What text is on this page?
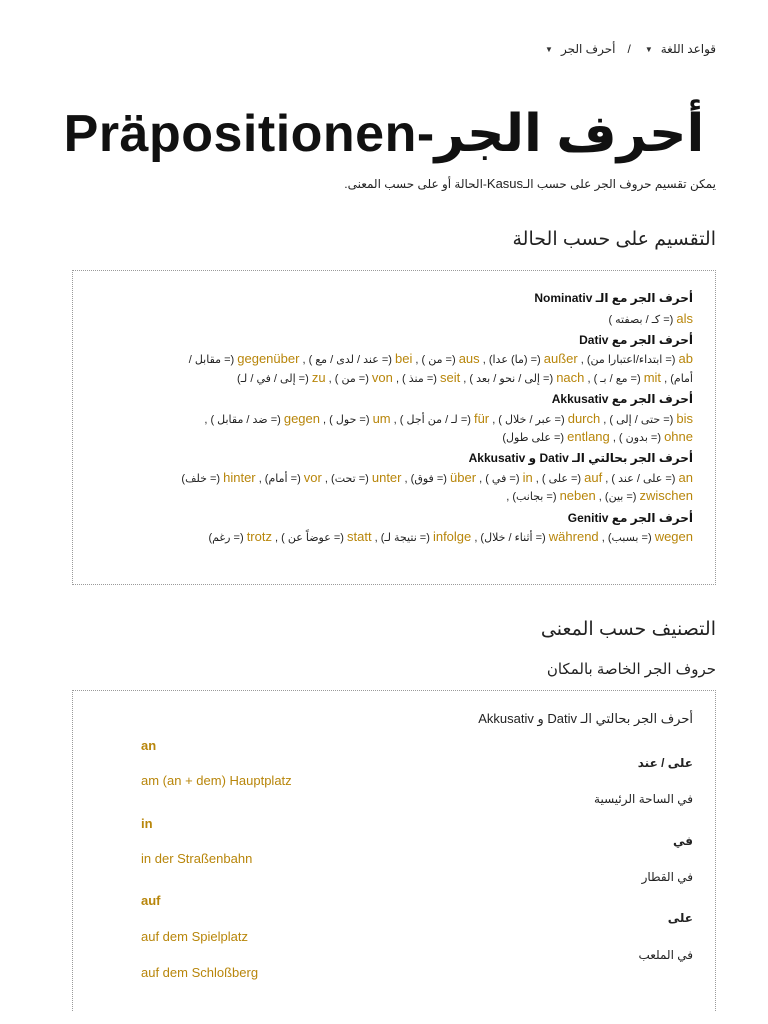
قواعد اللغة
▼
/
أحرف الجر
▼
Präpositionen-أحرف الجر
يمكن تقسيم حروف الجر على حسب الـKasus-الحالة أو على حسب المعنى.
التقسيم على حسب الحالة
أحرف الجر مع الـ Nominativ
als (= كـ / بصفته )
أحرف الجر مع Dativ
ab (= ابتداء/اعتبارا من) , außer (= (ما) عدا) , aus (= من ) , bei (= عند / لدى / مع ) , gegenüber (= مقابل /
أمام) , mit (= مع / بـ ) , nach (= إلى / نحو / بعد ) , seit (= منذ ) , von (= من ) , zu (= إلى / في / لـ)
أحرف الجر مع Akkusativ
bis (= حتى / إلى ) , durch (= عبر / خلال ) , für (= لـ / من أجل ) , um (= حول ) , gegen (= ضد / مقابل ) ,
ohne (= بدون ) , entlang (= على طول)
أحرف الجر بحالتي الـ Dativ و Akkusativ
an (= على / عند ) , auf (= على ) , in (= في ) , über (= فوق) , unter (= تحت) , vor (= أمام) , hinter (= خلف)
zwischen (= بين) , neben (= بجانب) ,
أحرف الجر مع Genitiv
wegen (= بسبب) , während (= أثناء / خلال) , infolge (= نتيجة لـ) , statt (= عوضاً عن ) , trotz (= رغم)
التصنيف حسب المعنى
حروف الجر الخاصة بالمكان
أحرف الجر بحالتي الـ Dativ و Akkusativ
an
على / عند
am (an + dem) Hauptplatz
في الساحة الرئيسية
in
في
in der Straßenbahn
في القطار
auf
على
auf dem Spielplatz
في الملعب
auf dem Schloßberg
